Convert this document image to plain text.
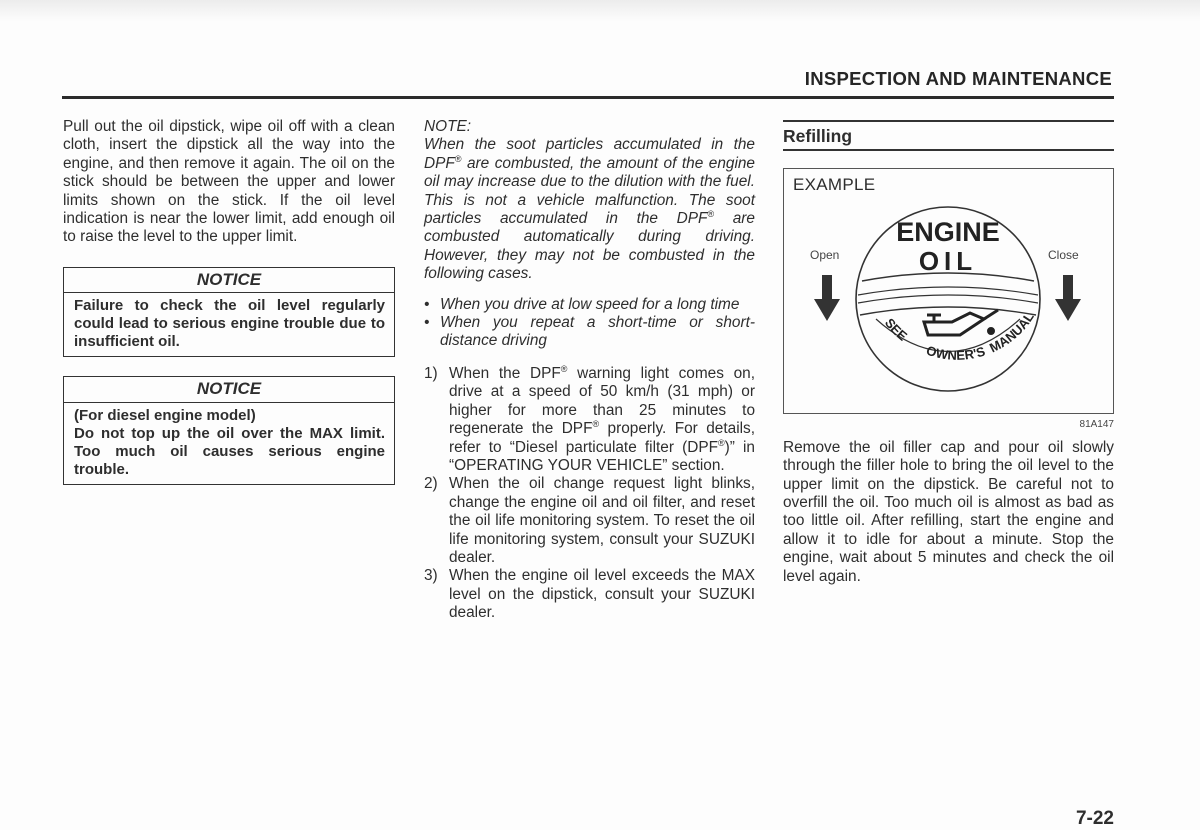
INSPECTION AND MAINTENANCE
Pull out the oil dipstick, wipe oil off with a clean cloth, insert the dipstick all the way into the engine, and then remove it again. The oil on the stick should be between the upper and lower limits shown on the stick. If the oil level indication is near the lower limit, add enough oil to raise the level to the upper limit.
NOTICE
Failure to check the oil level regularly could lead to serious engine trouble due to insufficient oil.
NOTICE
(For diesel engine model)
Do not top up the oil over the MAX limit. Too much oil causes serious engine trouble.
NOTE:
When the soot particles accumulated in the DPF® are combusted, the amount of the engine oil may increase due to the dilution with the fuel. This is not a vehicle malfunction. The soot particles accumulated in the DPF® are combusted automatically during driving. However, they may not be combusted in the following cases.
• When you drive at low speed for a long time
• When you repeat a short-time or short-distance driving
1) When the DPF® warning light comes on, drive at a speed of 50 km/h (31 mph) or higher for more than 25 minutes to regenerate the DPF® properly. For details, refer to “Diesel particulate filter (DPF®)” in “OPERATING YOUR VEHICLE” section.
2) When the oil change request light blinks, change the engine oil and oil filter, and reset the oil life monitoring system. To reset the oil life monitoring system, consult your SUZUKI dealer.
3) When the engine oil level exceeds the MAX level on the dipstick, consult your SUZUKI dealer.
Refilling
EXAMPLE
ENGINE
OIL
SEE
OWNER'S MANUAL
Open	Close
81A147
Remove the oil filler cap and pour oil slowly through the filler hole to bring the oil level to the upper limit on the dipstick. Be careful not to overfill the oil. Too much oil is almost as bad as too little oil. After refilling, start the engine and allow it to idle for about a minute. Stop the engine, wait about 5 minutes and check the oil level again.
7-22
